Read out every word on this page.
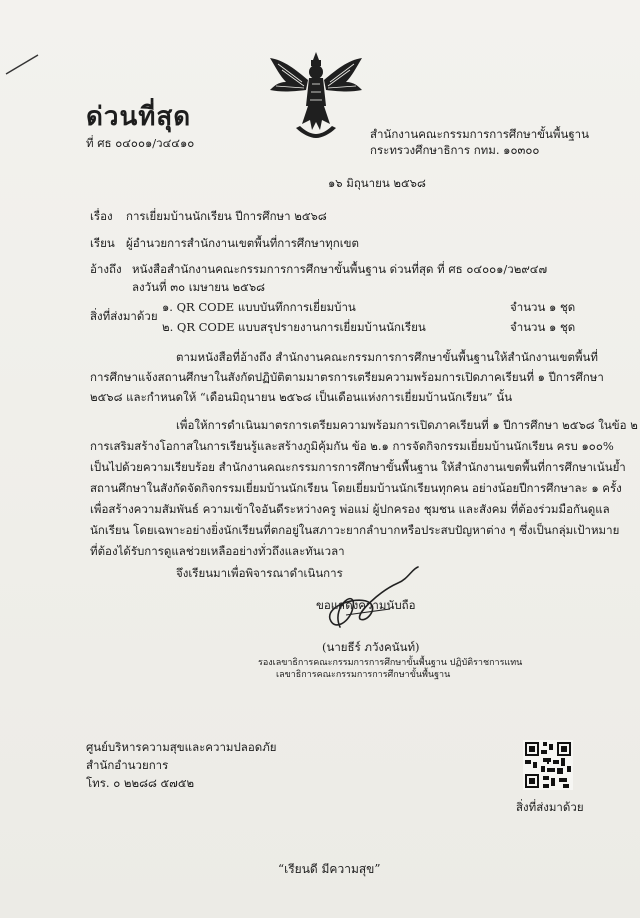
ด่วนที่สุด
ที่ ศธ ๐๔๐๐๑/ว๔๔๑๐
สำนักงานคณะกรรมการการศึกษาขั้นพื้นฐาน
กระทรวงศึกษาธิการ กทม. ๑๐๓๐๐
๑๖ มิถุนายน ๒๕๖๘
เรื่อง การเยี่ยมบ้านนักเรียน ปีการศึกษา ๒๕๖๘
เรียน ผู้อำนวยการสำนักงานเขตพื้นที่การศึกษาทุกเขต
อ้างถึง หนังสือสำนักงานคณะกรรมการการศึกษาขั้นพื้นฐาน ด่วนที่สุด ที่ ศธ ๐๔๐๐๑/ว๒๙๔๗
ลงวันที่ ๓๐ เมษายน ๒๕๖๘
สิ่งที่ส่งมาด้วย
๑. QR CODE แบบบันทึกการเยี่ยมบ้าน	จำนวน ๑ ชุด
๒. QR CODE แบบสรุปรายงานการเยี่ยมบ้านนักเรียน	จำนวน ๑ ชุด
ตามหนังสือที่อ้างถึง สำนักงานคณะกรรมการการศึกษาขั้นพื้นฐานให้สำนักงานเขตพื้นที่
การศึกษาแจ้งสถานศึกษาในสังกัดปฏิบัติตามมาตรการเตรียมความพร้อมการเปิดภาคเรียนที่ ๑ ปีการศึกษา
๒๕๖๘ และกำหนดให้ “เดือนมิถุนายน ๒๕๖๘ เป็นเดือนแห่งการเยี่ยมบ้านนักเรียน” นั้น
เพื่อให้การดำเนินมาตรการเตรียมความพร้อมการเปิดภาคเรียนที่ ๑ ปีการศึกษา ๒๕๖๘ ในข้อ ๒
การเสริมสร้างโอกาสในการเรียนรู้และสร้างภูมิคุ้มกัน ข้อ ๒.๑ การจัดกิจกรรมเยี่ยมบ้านนักเรียน ครบ ๑๐๐%
เป็นไปด้วยความเรียบร้อย สำนักงานคณะกรรมการการศึกษาขั้นพื้นฐาน ให้สำนักงานเขตพื้นที่การศึกษาเน้นย้ำ
สถานศึกษาในสังกัดจัดกิจกรรมเยี่ยมบ้านนักเรียน โดยเยี่ยมบ้านนักเรียนทุกคน อย่างน้อยปีการศึกษาละ ๑ ครั้ง
เพื่อสร้างความสัมพันธ์ ความเข้าใจอันดีระหว่างครู พ่อแม่ ผู้ปกครอง ชุมชน และสังคม ที่ต้องร่วมมือกันดูแล
นักเรียน โดยเฉพาะอย่างยิ่งนักเรียนที่ตกอยู่ในสภาวะยากลำบากหรือประสบปัญหาต่าง ๆ ซึ่งเป็นกลุ่มเป้าหมาย
ที่ต้องได้รับการดูแลช่วยเหลืออย่างทั่วถึงและทันเวลา
จึงเรียนมาเพื่อพิจารณาดำเนินการ
ขอแสดงความนับถือ
(นายธีร์ ภวังคนันท์)
รองเลขาธิการคณะกรรมการการศึกษาขั้นพื้นฐาน ปฏิบัติราชการแทน
เลขาธิการคณะกรรมการการศึกษาขั้นพื้นฐาน
ศูนย์บริหารความสุขและความปลอดภัย
สำนักอำนวยการ
โทร. ๐ ๒๒๘๘ ๕๗๕๒
สิ่งที่ส่งมาด้วย
“เรียนดี มีความสุข”
